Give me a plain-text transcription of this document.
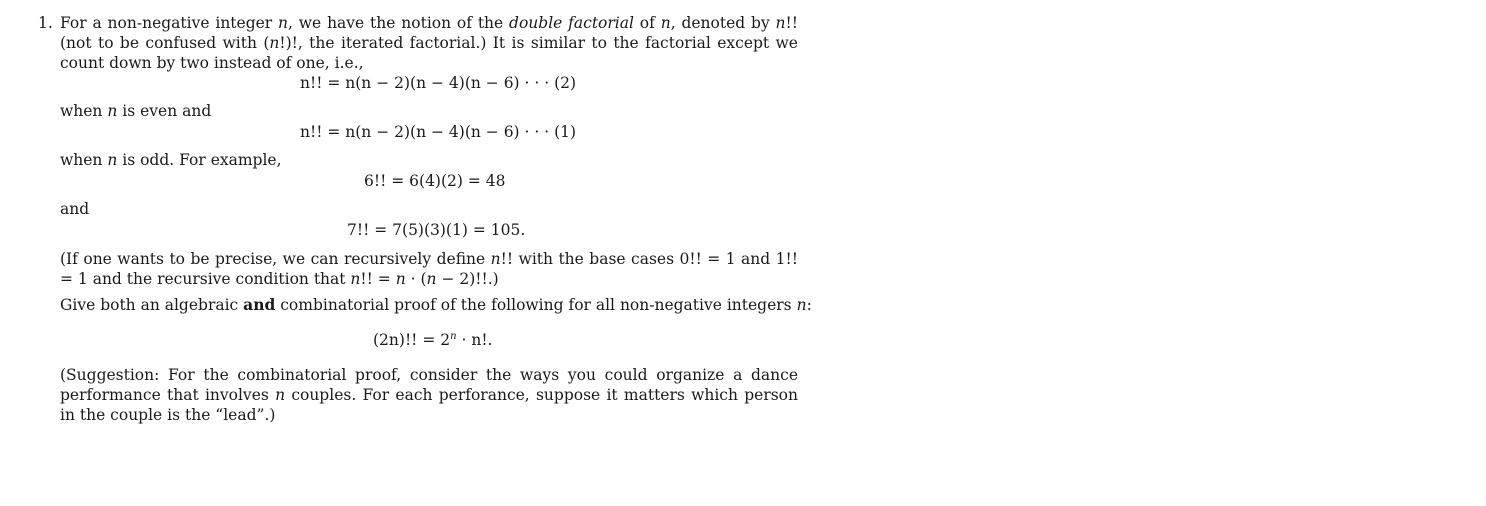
1. For a non-negative integer n, we have the notion of the double factorial of n, denoted by n!! (not to be confused with (n!)!, the iterated factorial.) It is similar to the factorial except we count down by two instead of one, i.e.,
n!! = n(n − 2)(n − 4)(n − 6) · · · (2)
when n is even and
n!! = n(n − 2)(n − 4)(n − 6) · · · (1)
when n is odd. For example,
6!! = 6(4)(2) = 48
and
7!! = 7(5)(3)(1) = 105.
(If one wants to be precise, we can recursively define n!! with the base cases 0!! = 1 and 1!! = 1 and the recursive condition that n!! = n · (n − 2)!!.)
Give both an algebraic and combinatorial proof of the following for all non-negative integers n:
(2n)!! = $2^n \cdot n$!.
(Suggestion: For the combinatorial proof, consider the ways you could organize a dance performance that involves n couples. For each perforance, suppose it matters which person in the couple is the “lead”.)
